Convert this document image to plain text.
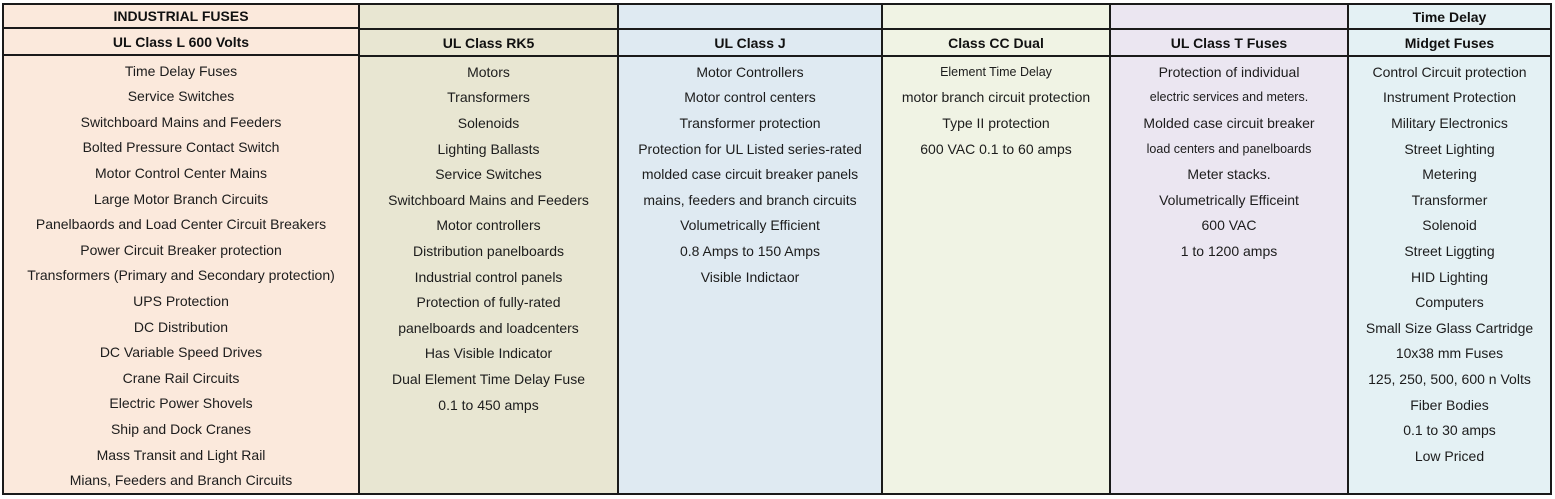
INDUSTRIAL FUSES
UL Class L 600 Volts
Time Delay Fuses
Service Switches
Switchboard Mains and Feeders
Bolted Pressure Contact Switch
Motor Control Center Mains
Large Motor Branch Circuits
Panelbaords and Load Center Circuit Breakers
Power Circuit Breaker protection
Transformers (Primary and Secondary protection)
UPS Protection
DC Distribution
DC Variable Speed Drives
Crane Rail Circuits
Electric Power Shovels
Ship and Dock Cranes
Mass Transit and Light Rail
Mians, Feeders and Branch Circuits
UL Class RK5
Motors
Transformers
Solenoids
Lighting Ballasts
Service Switches
Switchboard Mains and Feeders
Motor controllers
Distribution panelboards
Industrial control panels
Protection of fully-rated
panelboards and loadcenters
Has Visible Indicator
Dual Element Time Delay Fuse
0.1 to 450 amps
UL Class J
Motor Controllers
Motor control centers
Transformer protection
Protection for UL Listed series-rated
molded case circuit breaker panels
mains, feeders and branch circuits
Volumetrically Efficient
0.8 Amps to 150 Amps
Visible Indictaor
Class CC Dual
Element Time Delay
motor branch circuit protection
Type II protection
600 VAC 0.1 to 60 amps
UL Class T Fuses
Protection of individual
electric services and meters.
Molded case circuit breaker
load centers and panelboards
Meter stacks.
Volumetrically Efficeint
600 VAC
1 to 1200 amps
Time Delay
Midget Fuses
Control Circuit protection
Instrument Protection
Military Electronics
Street Lighting
Metering
Transformer
Solenoid
Street Liggting
HID Lighting
Computers
Small Size Glass Cartridge
10x38 mm Fuses
125, 250, 500, 600 n Volts
Fiber Bodies
0.1 to 30 amps
Low Priced
